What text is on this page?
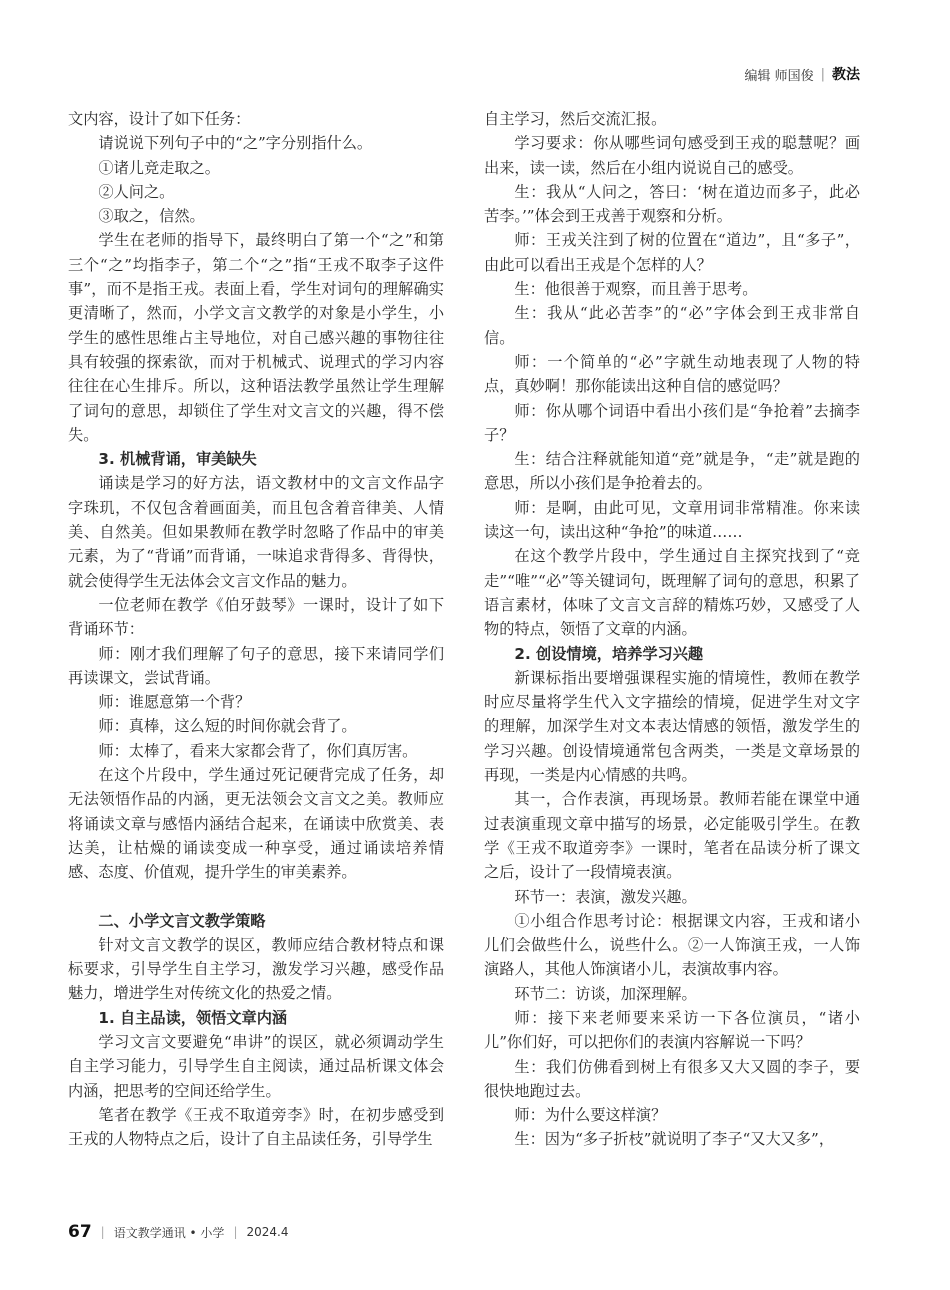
编辑 师国俊 | 教法

文内容，设计了如下任务：

请说说下列句子中的“之”字分别指什么。

①诸儿竞走取之。

②人问之。

③取之，信然。

学生在老师的指导下，最终明白了第一个“之”和第三个“之”均指李子，第二个“之”指“王戎不取李子这件事”，而不是指王戎。表面上看，学生对词句的理解确实更清晰了，然而，小学文言文教学的对象是小学生，小学生的感性思维占主导地位，对自己感兴趣的事物往往具有较强的探索欲，而对于机械式、说理式的学习内容往往在心生排斥。所以，这种语法教学虽然让学生理解了词句的意思，却锁住了学生对文言文的兴趣，得不偿失。

3. 机械背诵，审美缺失

诵读是学习的好方法，语文教材中的文言文作品字字珠玑，不仅包含着画面美，而且包含着音律美、人情美、自然美。但如果教师在教学时忽略了作品中的审美元素，为了“背诵”而背诵，一味追求背得多、背得快，就会使得学生无法体会文言文作品的魅力。

一位老师在教学《伯牙鼓琴》一课时，设计了如下背诵环节：

师：刚才我们理解了句子的意思，接下来请同学们再读课文，尝试背诵。

师：谁愿意第一个背？

师：真棒，这么短的时间你就会背了。

师：太棒了，看来大家都会背了，你们真厉害。

在这个片段中，学生通过死记硬背完成了任务，却无法领悟作品的内涵，更无法领会文言文之美。教师应将诵读文章与感悟内涵结合起来，在诵读中欣赏美、表达美，让枯燥的诵读变成一种享受，通过诵读培养情感、态度、价值观，提升学生的审美素养。

二、小学文言文教学策略

针对文言文教学的误区，教师应结合教材特点和课标要求，引导学生自主学习，激发学习兴趣，感受作品魅力，增进学生对传统文化的热爱之情。

1. 自主品读，领悟文章内涵

学习文言文要避免“串讲”的误区，就必须调动学生自主学习能力，引导学生自主阅读，通过品析课文体会内涵，把思考的空间还给学生。

笔者在教学《王戎不取道旁李》时，在初步感受到王戎的人物特点之后，设计了自主品读任务，引导学生

自主学习，然后交流汇报。

学习要求：你从哪些词句感受到王戎的聪慧呢？画出来，读一读，然后在小组内说说自己的感受。

生：我从“人问之，答曰：‘树在道边而多子，此必苦李。’”体会到王戎善于观察和分析。

师：王戎关注到了树的位置在“道边”，且“多子”，由此可以看出王戎是个怎样的人？

生：他很善于观察，而且善于思考。

生：我从“此必苦李”的“必”字体会到王戎非常自信。

师：一个简单的“必”字就生动地表现了人物的特点，真妙啊！那你能读出这种自信的感觉吗？

师：你从哪个词语中看出小孩们是“争抢着”去摘李子？

生：结合注释就能知道“竞”就是争，“走”就是跑的意思，所以小孩们是争抢着去的。

师：是啊，由此可见，文章用词非常精准。你来读读这一句，读出这种“争抢”的味道……

在这个教学片段中，学生通过自主探究找到了“竞走”“唯”“必”等关键词句，既理解了词句的意思，积累了语言素材，体味了文言文言辞的精炼巧妙，又感受了人物的特点，领悟了文章的内涵。

2. 创设情境，培养学习兴趣

新课标指出要增强课程实施的情境性，教师在教学时应尽量将学生代入文字描绘的情境，促进学生对文字的理解，加深学生对文本表达情感的领悟，激发学生的学习兴趣。创设情境通常包含两类，一类是文章场景的再现，一类是内心情感的共鸣。

其一，合作表演，再现场景。教师若能在课堂中通过表演重现文章中描写的场景，必定能吸引学生。在教学《王戎不取道旁李》一课时，笔者在品读分析了课文之后，设计了一段情境表演。

环节一：表演，激发兴趣。

①小组合作思考讨论：根据课文内容，王戎和诸小儿们会做些什么，说些什么。②一人饰演王戎，一人饰演路人，其他人饰演诸小儿，表演故事内容。

环节二：访谈，加深理解。

师：接下来老师要来采访一下各位演员，“诸小儿”你们好，可以把你们的表演内容解说一下吗？

生：我们仿佛看到树上有很多又大又圆的李子，要很快地跑过去。

师：为什么要这样演？

生：因为“多子折枝”就说明了李子“又大又多”，

67 | 语文教学通讯 • 小学 | 2024.4
